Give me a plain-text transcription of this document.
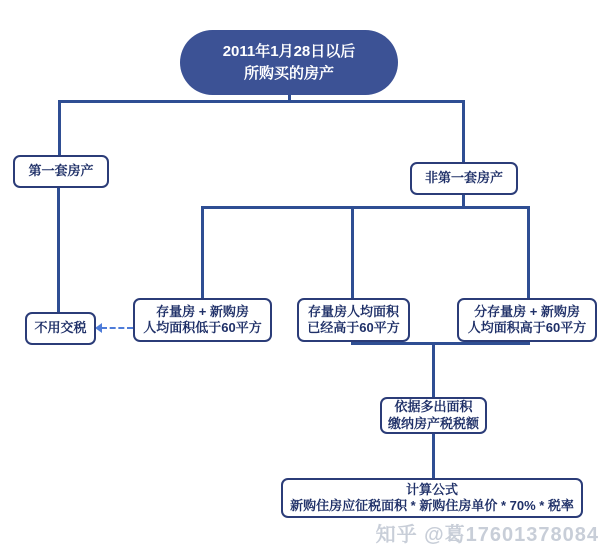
2011年1月28日以后
所购买的房产
第一套房产	非第一套房产
不用交税
存量房 + 新购房
人均面积低于60平方
存量房人均面积
已经高于60平方
分存量房 + 新购房
人均面积高于60平方
依据多出面积
缴纳房产税税额
计算公式
新购住房应征税面积 * 新购住房单价 * 70% * 税率
知乎 @葛17601378084
